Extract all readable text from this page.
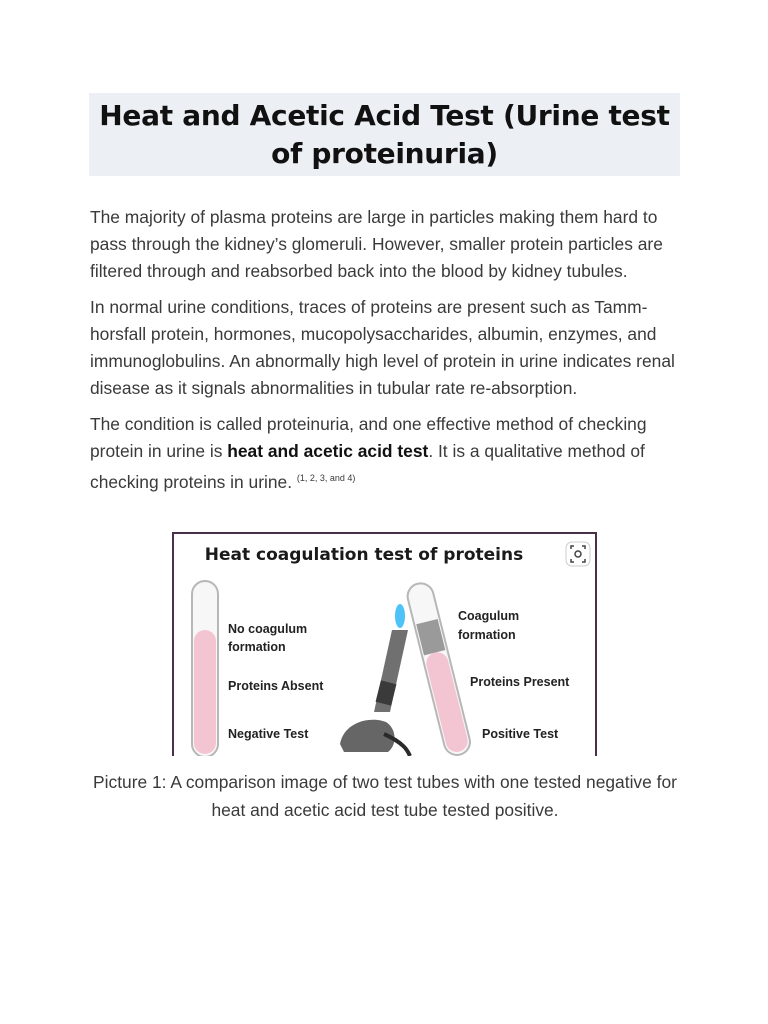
Heat and Acetic Acid Test (Urine test of proteinuria)

The majority of plasma proteins are large in particles making them hard to pass through the kidney’s glomeruli. However, smaller protein particles are filtered through and reabsorbed back into the blood by kidney tubules.

In normal urine conditions, traces of proteins are present such as Tamm-horsfall protein, hormones, mucopolysaccharides, albumin, enzymes, and immunoglobulins. An abnormally high level of protein in urine indicates renal disease as it signals abnormalities in tubular rate re-absorption.

The condition is called proteinuria, and one effective method of checking protein in urine is heat and acetic acid test. It is a qualitative method of checking proteins in urine. $^{(1, 2, 3, and 4)}$

Heat coagulation test of proteins
No coagulum
formation
Proteins Absent
Negative Test
Coagulum
formation
Proteins Present
Positive Test
Picture 1: A comparison image of two test tubes with one tested negative for heat and acetic acid test tube tested positive.
